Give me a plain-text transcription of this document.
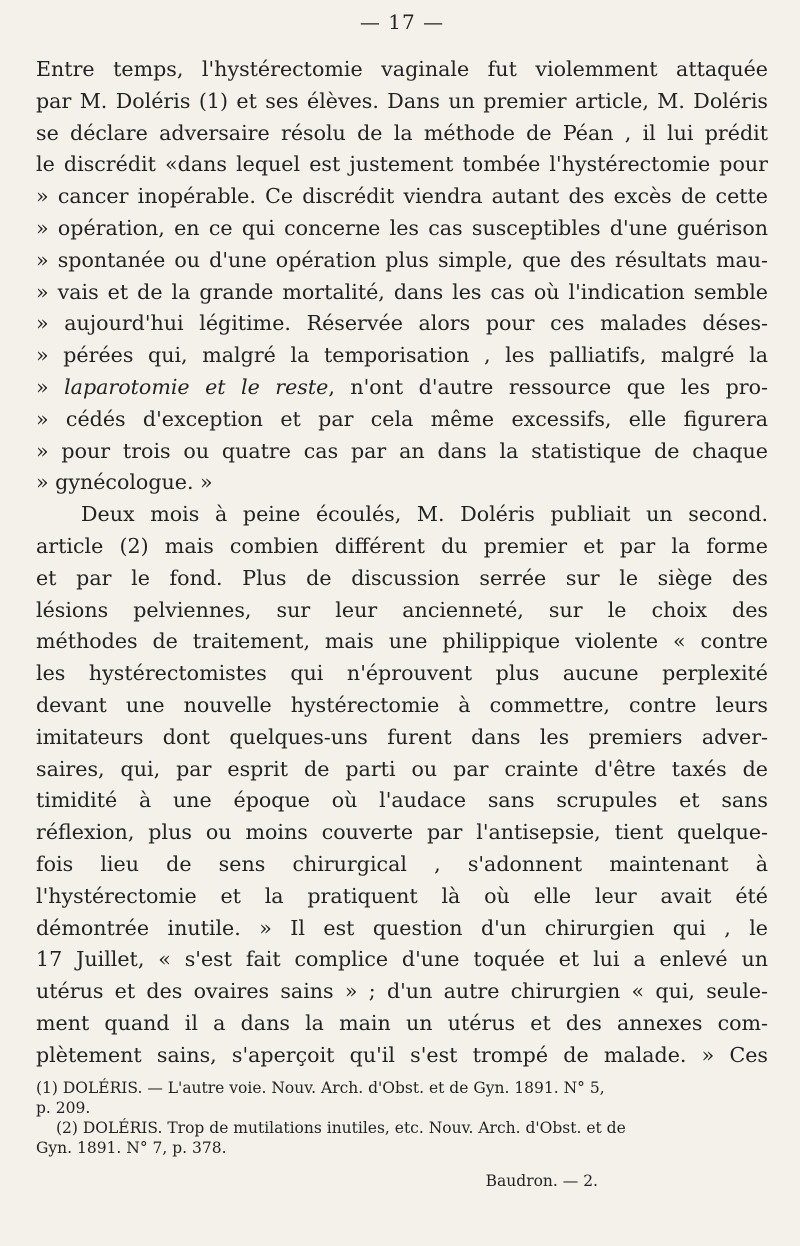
— 17 —
Entre temps, l'hystérectomie vaginale fut violemment attaquée
par M. Doléris (1) et ses élèves. Dans un premier article, M. Doléris
se déclare adversaire résolu de la méthode de Péan , il lui prédit
le discrédit «dans lequel est justement tombée l'hystérectomie pour
» cancer inopérable. Ce discrédit viendra autant des excès de cette
» opération, en ce qui concerne les cas susceptibles d'une guérison
» spontanée ou d'une opération plus simple, que des résultats mau-
» vais et de la grande mortalité, dans les cas où l'indication semble
» aujourd'hui légitime. Réservée alors pour ces malades déses-
» pérées qui, malgré la temporisation , les palliatifs, malgré la
» laparotomie et le reste, n'ont d'autre ressource que les pro-
» cédés d'exception et par cela même excessifs, elle figurera
» pour trois ou quatre cas par an dans la statistique de chaque
» gynécologue. »
Deux mois à peine écoulés, M. Doléris publiait un second.
article (2) mais combien différent du premier et par la forme
et par le fond. Plus de discussion serrée sur le siège des
lésions pelviennes, sur leur ancienneté, sur le choix des
méthodes de traitement, mais une philippique violente « contre
les hystérectomistes qui n'éprouvent plus aucune perplexité
devant une nouvelle hystérectomie à commettre, contre leurs
imitateurs dont quelques-uns furent dans les premiers adver-
saires, qui, par esprit de parti ou par crainte d'être taxés de
timidité à une époque où l'audace sans scrupules et sans
réflexion, plus ou moins couverte par l'antisepsie, tient quelque-
fois lieu de sens chirurgical , s'adonnent maintenant à
l'hystérectomie et la pratiquent là où elle leur avait été
démontrée inutile. » Il est question d'un chirurgien qui , le
17 Juillet, « s'est fait complice d'une toquée et lui a enlevé un
utérus et des ovaires sains » ; d'un autre chirurgien « qui, seule-
ment quand il a dans la main un utérus et des annexes com-
plètement sains, s'aperçoit qu'il s'est trompé de malade. » Ces
(1) DOLÉRIS. — L'autre voie. Nouv. Arch. d'Obst. et de Gyn. 1891. N° 5,
p. 209.
(2) DOLÉRIS. Trop de mutilations inutiles, etc. Nouv. Arch. d'Obst. et de
Gyn. 1891. N° 7, p. 378.
Baudron. — 2.
